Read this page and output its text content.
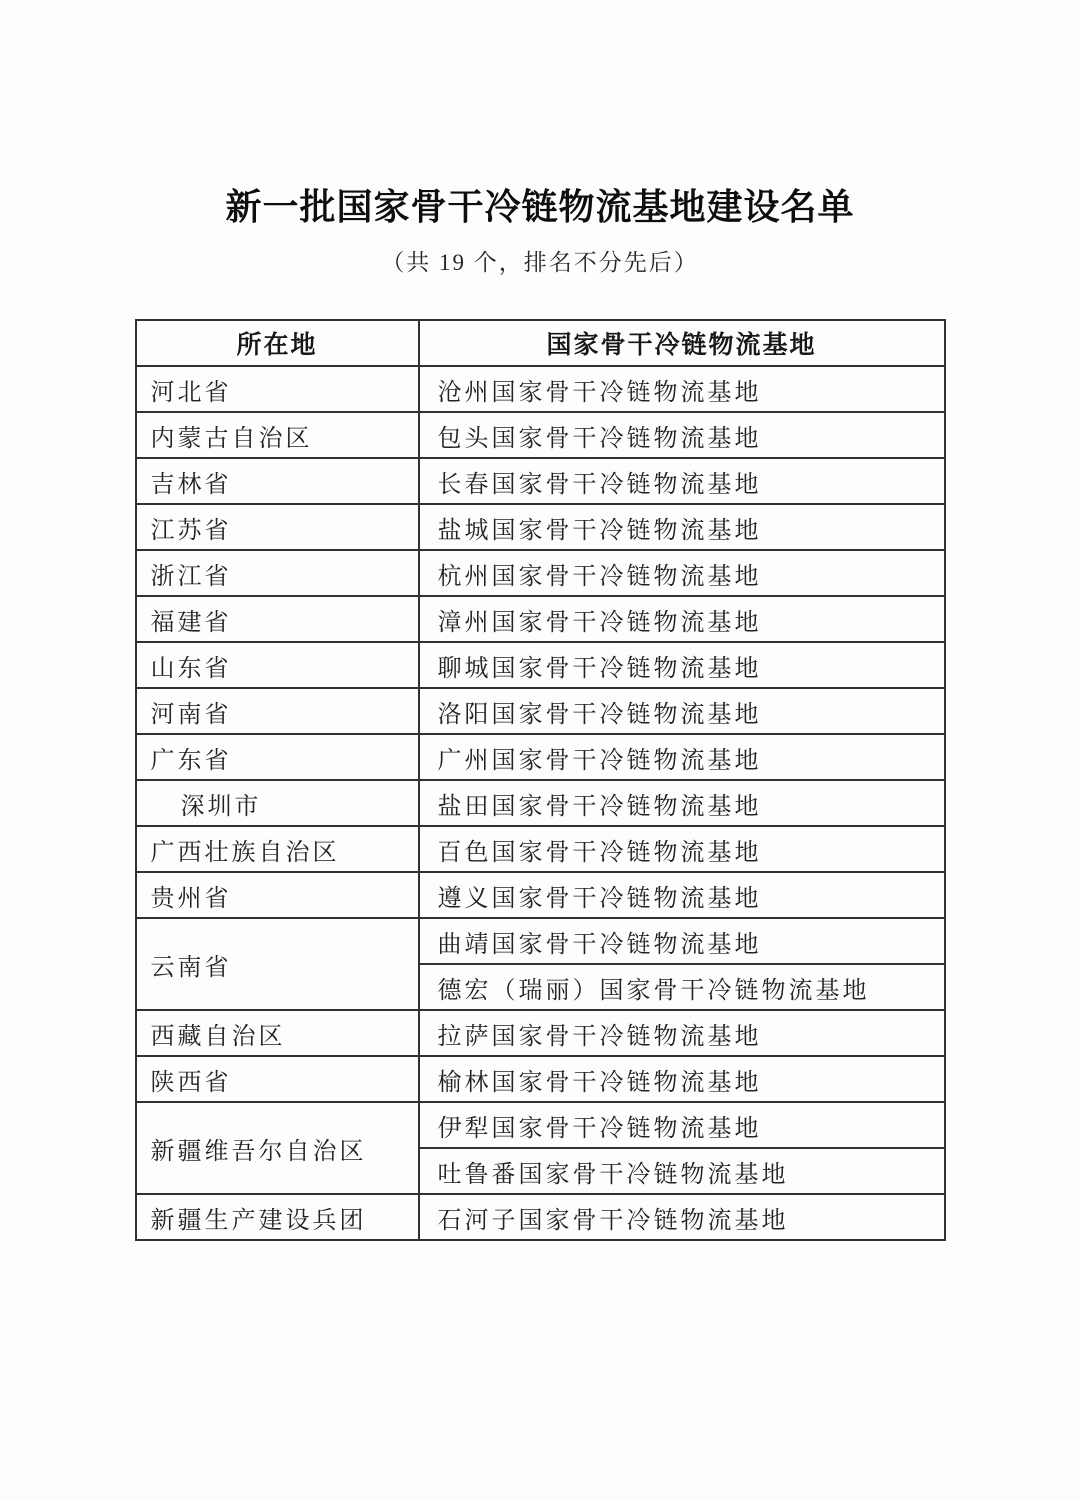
新一批国家骨干冷链物流基地建设名单

（共 19 个，排名不分先后）

所在地	国家骨干冷链物流基地
河北省	沧州国家骨干冷链物流基地
内蒙古自治区	包头国家骨干冷链物流基地
吉林省	长春国家骨干冷链物流基地
江苏省	盐城国家骨干冷链物流基地
浙江省	杭州国家骨干冷链物流基地
福建省	漳州国家骨干冷链物流基地
山东省	聊城国家骨干冷链物流基地
河南省	洛阳国家骨干冷链物流基地
广东省	广州国家骨干冷链物流基地
深圳市	盐田国家骨干冷链物流基地
广西壮族自治区	百色国家骨干冷链物流基地
贵州省	遵义国家骨干冷链物流基地
云南省	曲靖国家骨干冷链物流基地
	德宏（瑞丽）国家骨干冷链物流基地
西藏自治区	拉萨国家骨干冷链物流基地
陕西省	榆林国家骨干冷链物流基地
新疆维吾尔自治区	伊犁国家骨干冷链物流基地
	吐鲁番国家骨干冷链物流基地
新疆生产建设兵团	石河子国家骨干冷链物流基地
